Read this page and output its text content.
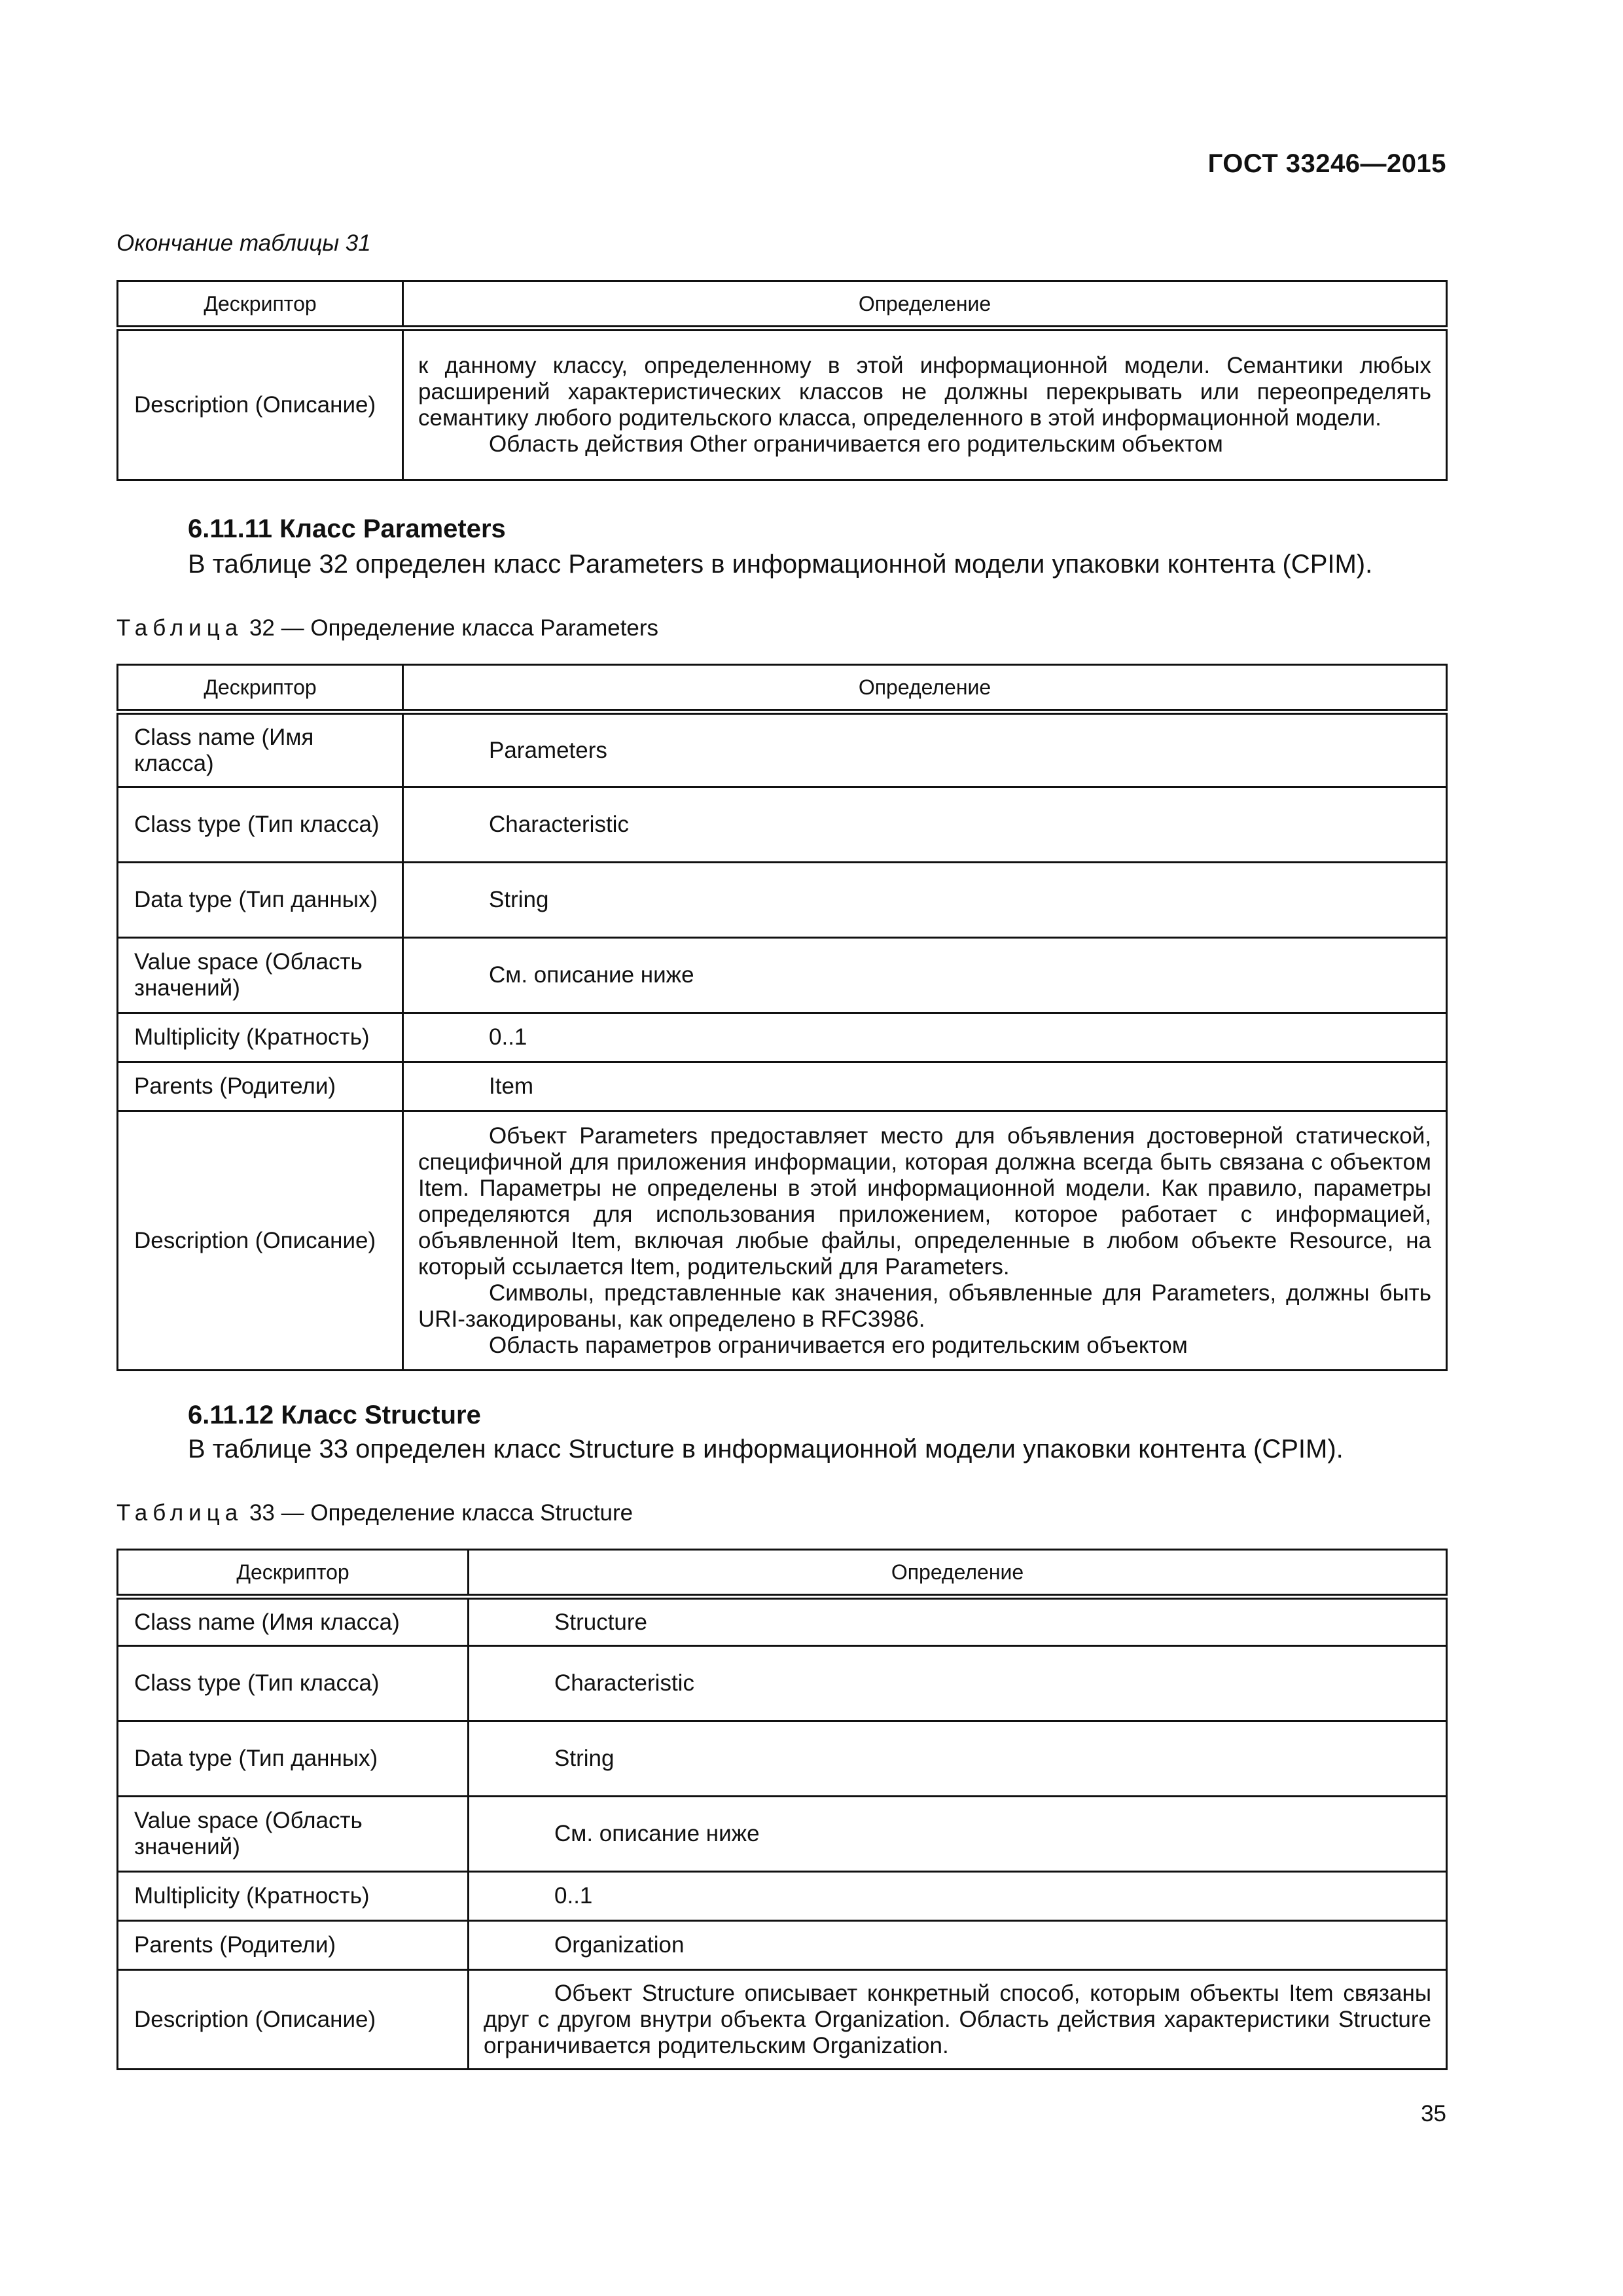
ГОСТ 33246—2015
Окончание таблицы 31
Дескриптор	Определение
Description (Описание)	к данному классу, определенному в этой информационной модели. Семантики любых расширений характеристических классов не должны перекрывать или переопределять семантику любого родительского класса, определенного в этой информационной модели.

Область действия Other ограничивается его родительским объектом

6.11.11 Класс Parameters
В таблице 32 определен класс Parameters в информационной модели упаковки контента (CPIM).
Таблица 32 — Определение класса Parameters
Дескриптор	Определение
Class name (Имя класса)	Parameters
Class type (Тип класса)	Characteristic
Data type (Тип данных)	String
Value space (Область значений)	См. описание ниже
Multiplicity (Кратность)	0..1
Parents (Родители)	Item
Description (Описание)	Объект Parameters предоставляет место для объявления достоверной статической, специфичной для приложения информации, которая должна всегда быть связана с объектом Item. Параметры не определены в этой информационной модели. Как правило, параметры определяются для использования приложением, которое работает с информацией, объявленной Item, включая любые файлы, определенные в любом объекте Resource, на который ссылается Item, родительский для Parameters.

Символы, представленные как значения, объявленные для Parameters, должны быть URI-закодированы, как определено в RFC3986.

Область параметров ограничивается его родительским объектом

6.11.12 Класс Structure
В таблице 33 определен класс Structure в информационной модели упаковки контента (CPIM).
Таблица 33 — Определение класса Structure
Дескриптор	Определение
Class name (Имя класса)	Structure
Class type (Тип класса)	Characteristic
Data type (Тип данных)	String
Value space (Область значений)	См. описание ниже
Multiplicity (Кратность)	0..1
Parents (Родители)	Organization
Description (Описание)	Объект Structure описывает конкретный способ, которым объекты Item связаны друг с другом внутри объекта Organization. Область действия характеристики Structure ограничивается родительским Organization.

35
